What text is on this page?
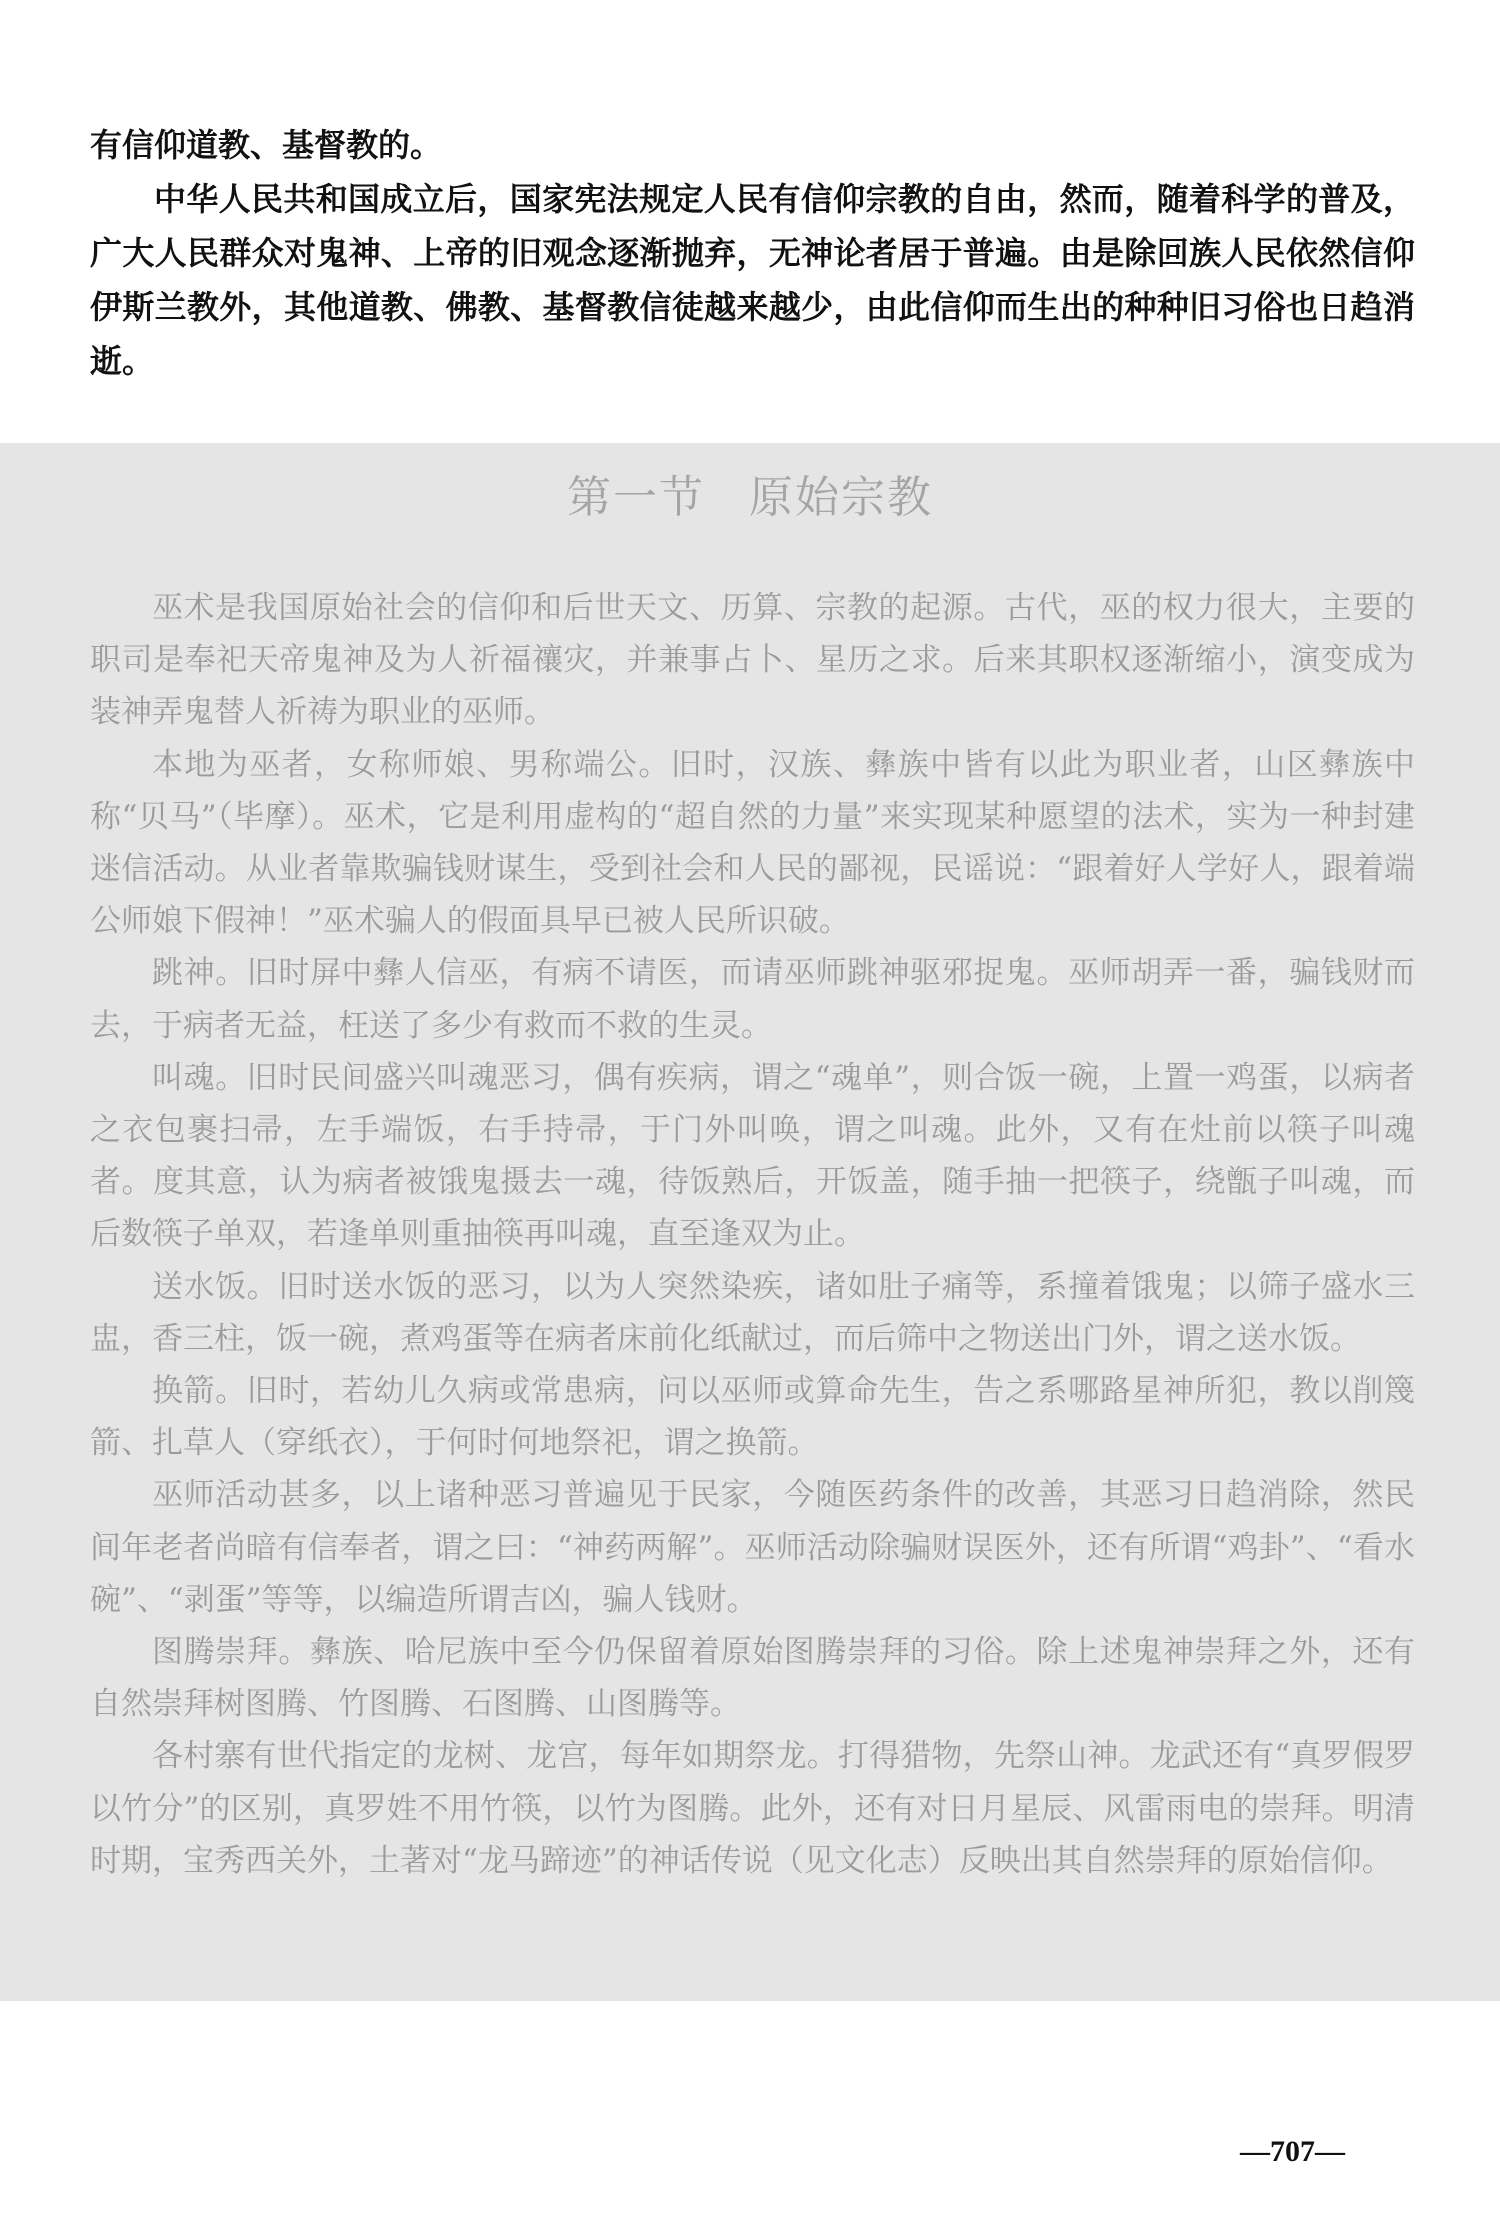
有信仰道教、基督教的。

中华人民共和国成立后，国家宪法规定人民有信仰宗教的自由，然而，随着科学的普及，广大人民群众对鬼神、上帝的旧观念逐渐抛弃，无神论者居于普遍。由是除回族人民依然信仰伊斯兰教外，其他道教、佛教、基督教信徒越来越少，由此信仰而生出的种种旧习俗也日趋消逝。

第一节 原始宗教

巫术是我国原始社会的信仰和后世天文、历算、宗教的起源。古代，巫的权力很大，主要的职司是奉祀天帝鬼神及为人祈福禳灾，并兼事占卜、星历之求。后来其职权逐渐缩小，演变成为装神弄鬼替人祈祷为职业的巫师。

本地为巫者，女称师娘、男称端公。旧时，汉族、彝族中皆有以此为职业者，山区彝族中称“贝马”（毕摩）。巫术，它是利用虚构的“超自然的力量”来实现某种愿望的法术，实为一种封建迷信活动。从业者靠欺骗钱财谋生，受到社会和人民的鄙视，民谣说：“跟着好人学好人，跟着端公师娘下假神！”巫术骗人的假面具早已被人民所识破。

跳神。旧时屏中彝人信巫，有病不请医，而请巫师跳神驱邪捉鬼。巫师胡弄一番，骗钱财而去，于病者无益，枉送了多少有救而不救的生灵。

叫魂。旧时民间盛兴叫魂恶习，偶有疾病，谓之“魂单”，则合饭一碗，上置一鸡蛋，以病者之衣包裹扫帚，左手端饭，右手持帚，于门外叫唤，谓之叫魂。此外，又有在灶前以筷子叫魂者。度其意，认为病者被饿鬼摄去一魂，待饭熟后，开饭盖，随手抽一把筷子，绕甑子叫魂，而后数筷子单双，若逢单则重抽筷再叫魂，直至逢双为止。

送水饭。旧时送水饭的恶习，以为人突然染疾，诸如肚子痛等，系撞着饿鬼；以筛子盛水三盅，香三柱，饭一碗，煮鸡蛋等在病者床前化纸献过，而后筛中之物送出门外，谓之送水饭。

换箭。旧时，若幼儿久病或常患病，问以巫师或算命先生，告之系哪路星神所犯，教以削篾箭、扎草人（穿纸衣），于何时何地祭祀，谓之换箭。

巫师活动甚多，以上诸种恶习普遍见于民家，今随医药条件的改善，其恶习日趋消除，然民间年老者尚暗有信奉者，谓之曰：“神药两解”。巫师活动除骗财误医外，还有所谓“鸡卦”、“看水碗”、“剥蛋”等等，以编造所谓吉凶，骗人钱财。

图腾崇拜。彝族、哈尼族中至今仍保留着原始图腾崇拜的习俗。除上述鬼神崇拜之外，还有自然崇拜树图腾、竹图腾、石图腾、山图腾等。

各村寨有世代指定的龙树、龙宫，每年如期祭龙。打得猎物，先祭山神。龙武还有“真罗假罗以竹分”的区别，真罗姓不用竹筷，以竹为图腾。此外，还有对日月星辰、风雷雨电的崇拜。明清时期，宝秀西关外，土著对“龙马蹄迹”的神话传说（见文化志）反映出其自然崇拜的原始信仰。

—707—
